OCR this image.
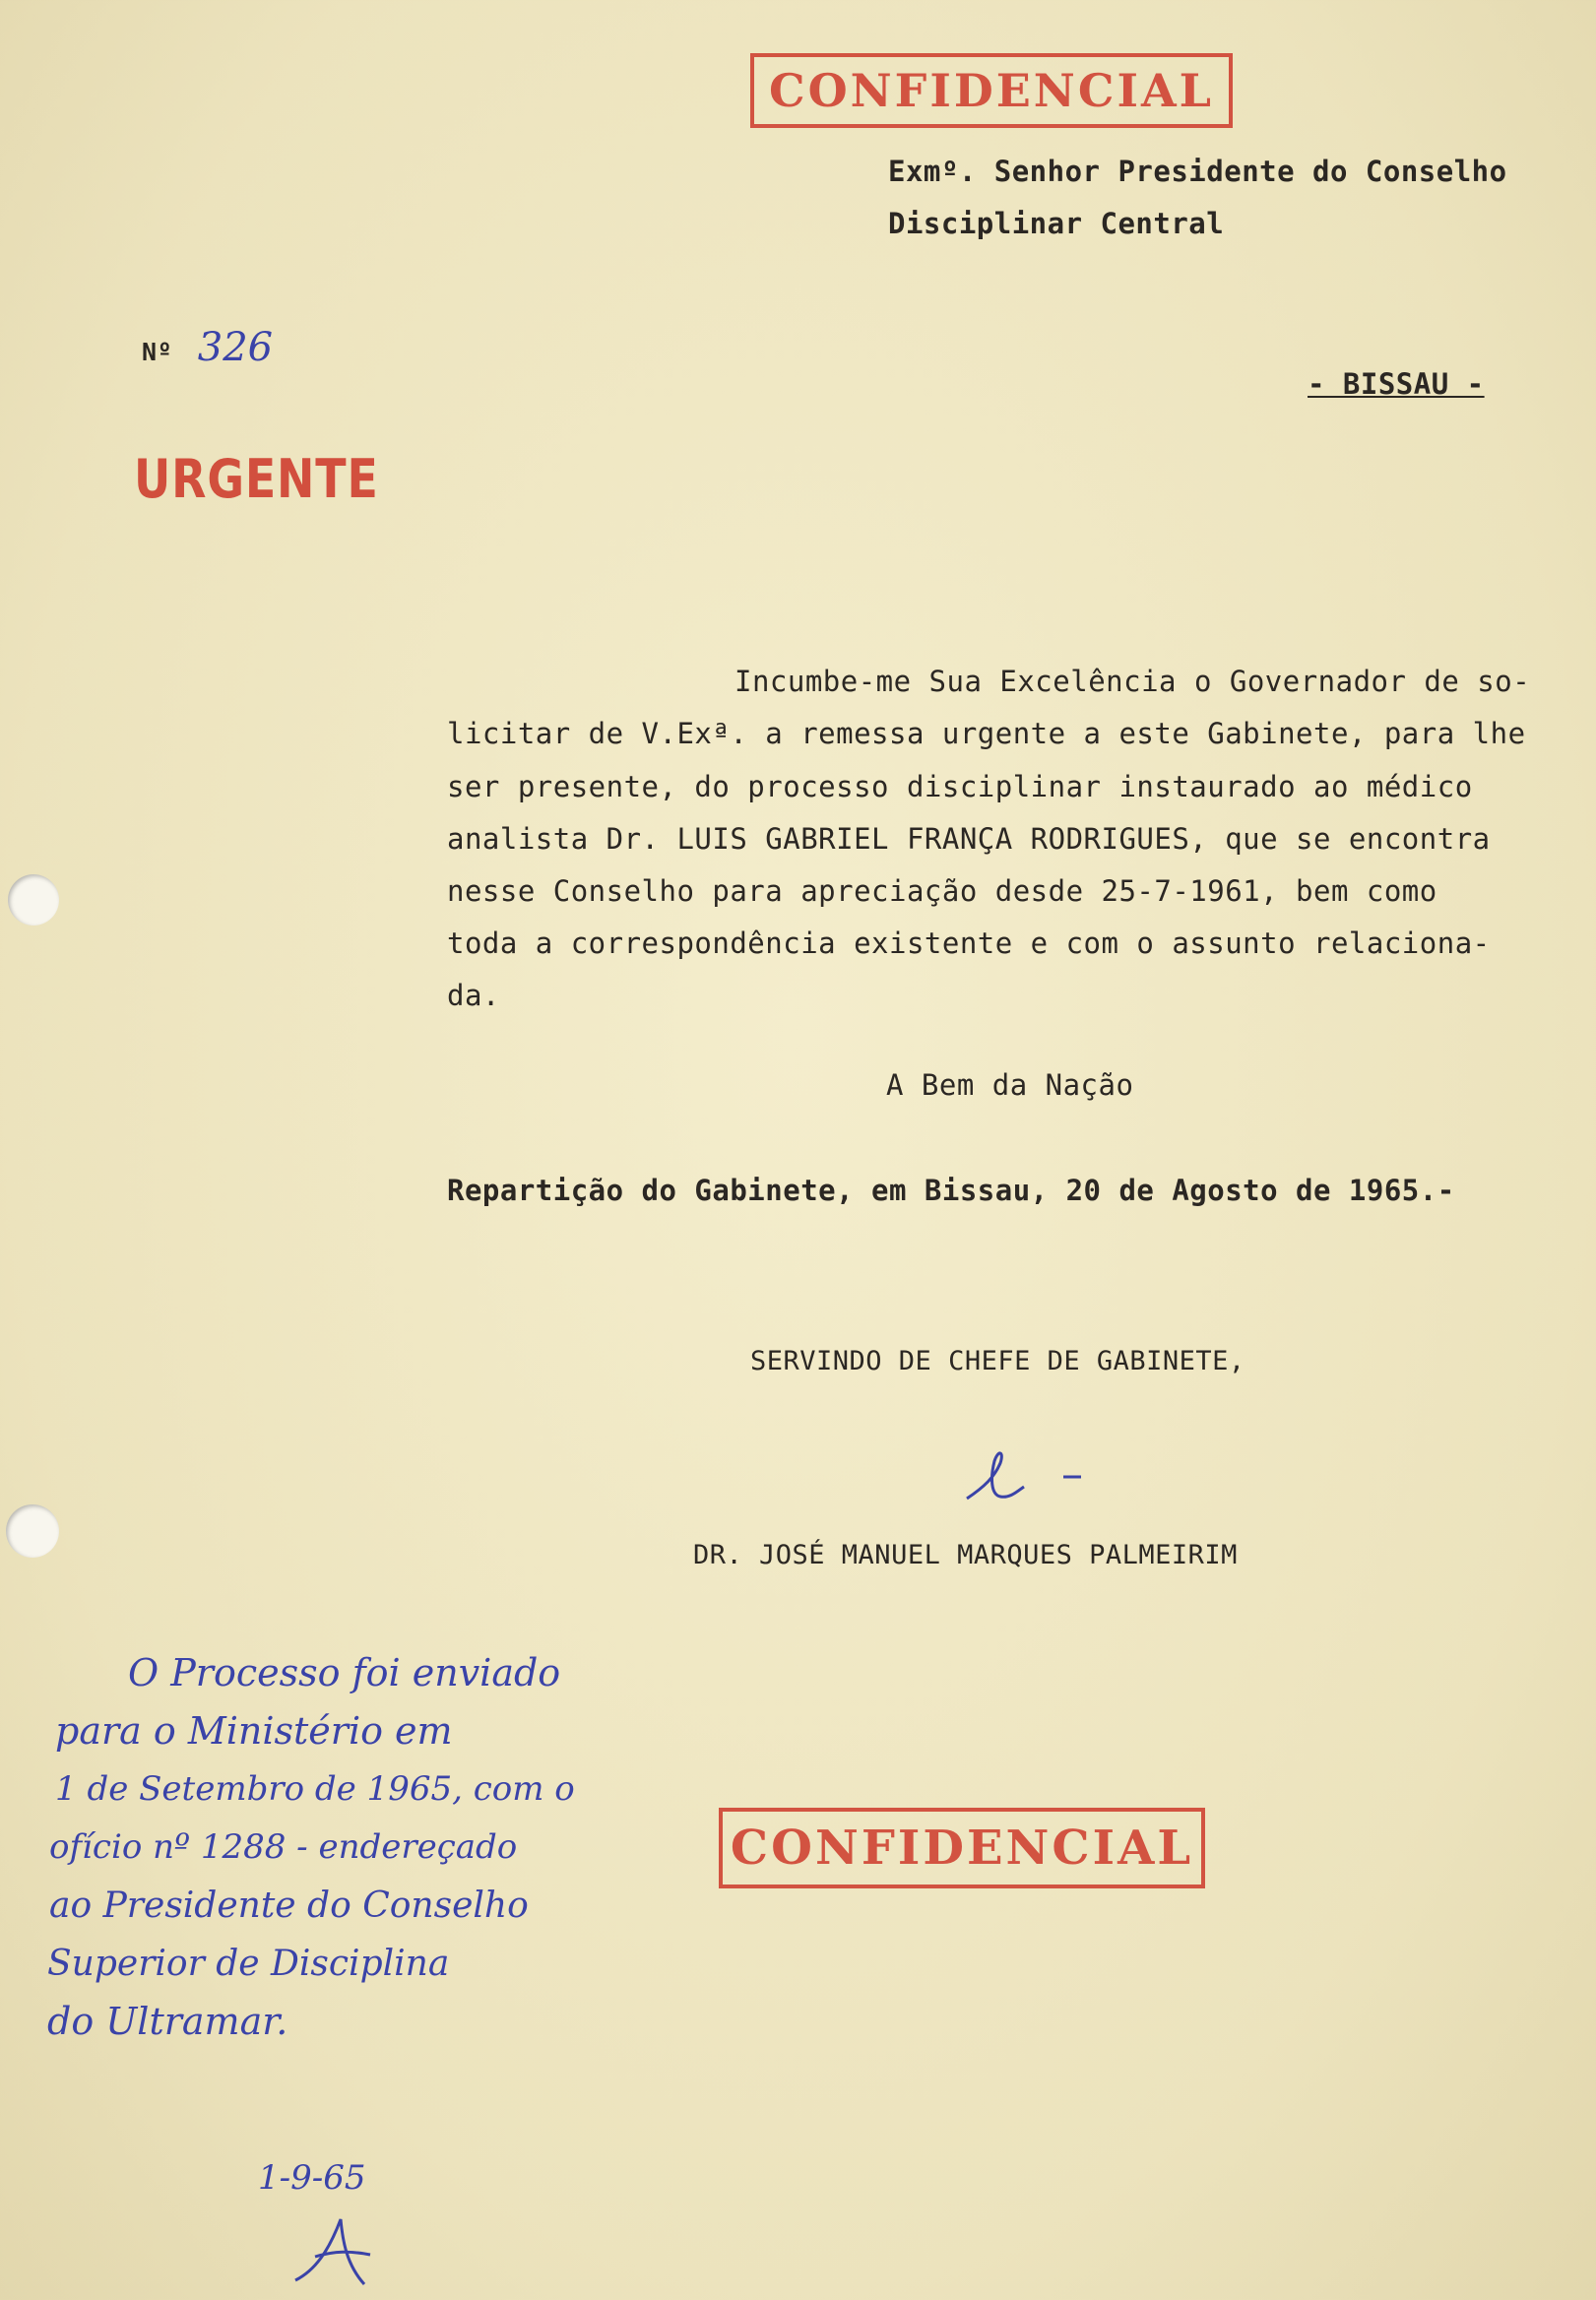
CONFIDENCIAL
Exmº. Senhor Presidente do Conselho
Disciplinar Central
Nº 326
- BISSAU -
URGENTE
Incumbe-me Sua Excelência o Governador de so-
licitar de V.Exª. a remessa urgente a este Gabinete, para lhe
ser presente, do processo disciplinar instaurado ao médico
analista Dr. LUIS GABRIEL FRANÇA RODRIGUES, que se encontra
nesse Conselho para apreciação desde 25-7-1961, bem como
toda a correspondência existente e com o assunto relaciona-
da.
A Bem da Nação
Repartição do Gabinete, em Bissau, 20 de Agosto de 1965.-
SERVINDO DE CHEFE DE GABINETE,
DR. JOSÉ MANUEL MARQUES PALMEIRIM
O Processo foi enviado
para o Ministério em
1 de Setembro de 1965, com o
ofício nº 1288 - endereçado
ao Presidente do Conselho
Superior de Disciplina
do Ultramar.
CONFIDENCIAL
1-9-65
